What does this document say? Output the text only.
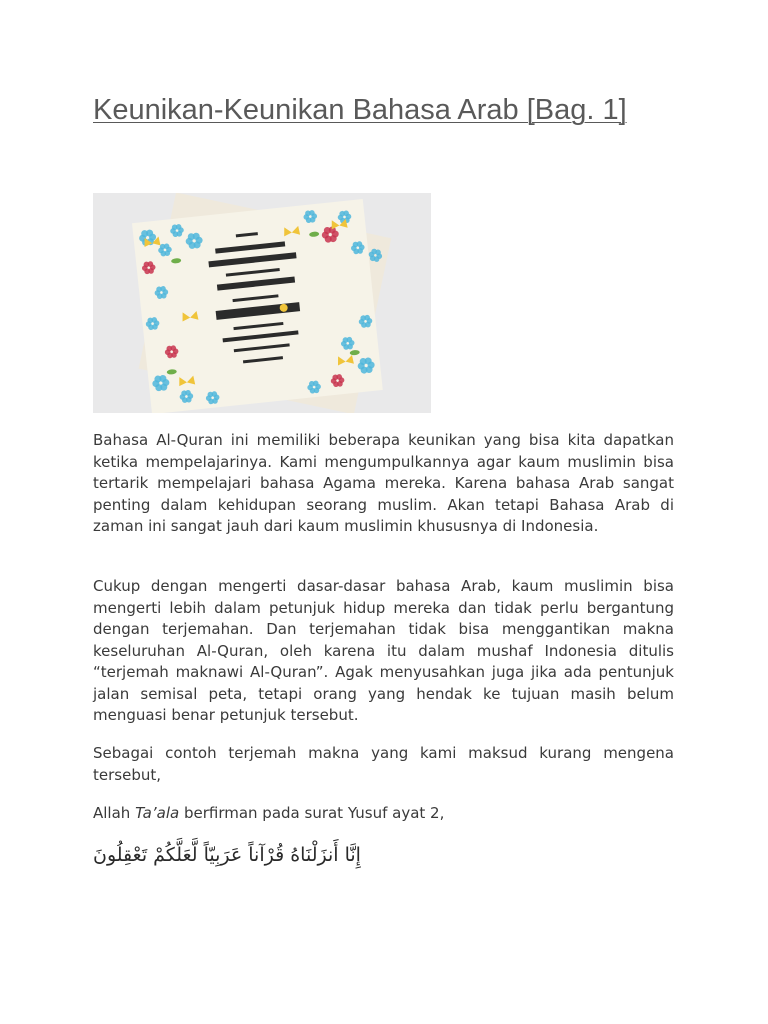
Keunikan-Keunikan Bahasa Arab [Bag. 1]

Bahasa Al-Quran ini memiliki beberapa keunikan yang bisa kita dapatkan ketika mempelajarinya. Kami mengumpulkannya agar kaum muslimin bisa tertarik mempelajari bahasa Agama mereka. Karena bahasa Arab sangat penting dalam kehidupan seorang muslim. Akan tetapi Bahasa Arab di zaman ini sangat jauh dari kaum muslimin khususnya di Indonesia.

Cukup dengan mengerti dasar-dasar bahasa Arab, kaum muslimin bisa mengerti lebih dalam petunjuk hidup mereka dan tidak perlu bergantung dengan terjemahan. Dan terjemahan tidak bisa menggantikan makna keseluruhan Al-Quran, oleh karena itu dalam mushaf Indonesia ditulis “terjemah maknawi Al-Quran”. Agak menyusahkan juga jika ada pentunjuk jalan semisal peta, tetapi orang yang hendak ke tujuan masih belum menguasi benar petunjuk tersebut.

Sebagai contoh terjemah makna yang kami maksud kurang mengena tersebut,

Allah Ta’ala berfirman pada surat Yusuf ayat 2,

إِنَّا أَنزَلْنَاهُ قُرْآناً عَرَبِيّاً لَّعَلَّكُمْ تَعْقِلُونَ
